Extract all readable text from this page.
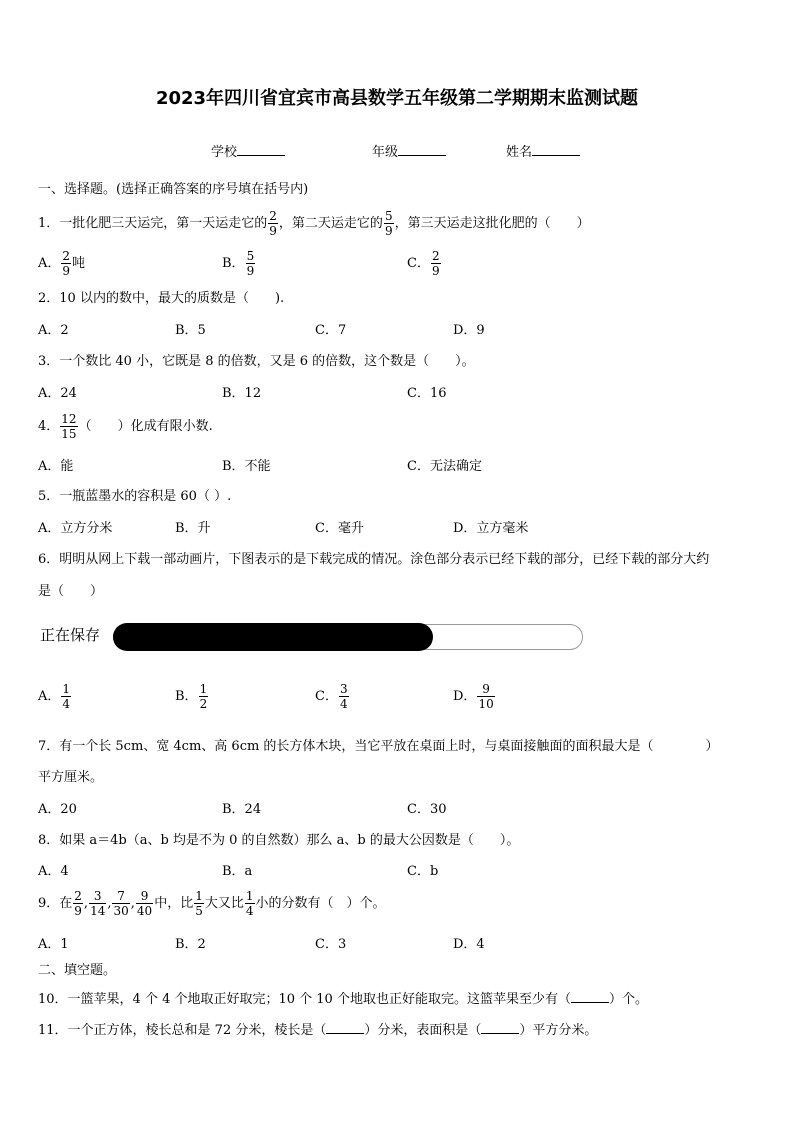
2023年四川省宜宾市高县数学五年级第二学期期末监测试题
学校	年级	姓名
一、选择题。(选择正确答案的序号填在括号内)
1．一批化肥三天运完，第一天运走它的 $\frac{2}{9}$ ，第二天运走它的 $\frac{5}{9}$ ，第三天运走这批化肥的（　　）
A． $\frac{2}{9}$ 吨	B． $\frac{5}{9}$	C． $\frac{2}{9}$
2．10 以内的数中，最大的质数是（　　).
A．2	B．5	C．7	D．9
3．一个数比 40 小，它既是 8 的倍数，又是 6 的倍数，这个数是（　　）。
A．24	B．12	C．16
4． $\frac{12}{15}$ （　　）化成有限小数.
A．能	B．不能	C．无法确定
5．一瓶蓝墨水的容积是 60（ ）.
A．立方分米	B．升	C．毫升	D．立方毫米
6．明明从网上下载一部动画片，下图表示的是下载完成的情况。涂色部分表示已经下载的部分，已经下载的部分大约
是（　　）
正在保存
A． $\frac{1}{4}$	B． $\frac{1}{2}$	C． $\frac{3}{4}$	D． $\frac{9}{10}$
7．有一个长 5cm、宽 4cm、高 6cm 的长方体木块，当它平放在桌面上时，与桌面接触面的面积最大是（　　　　）
平方厘米。
A．20	B．24	C．30
8．如果 a＝4b（a、b 均是不为 0 的自然数）那么 a、b 的最大公因数是（　　）。
A．4	B．a	C．b
9．在 $\frac{2}{9}$ , $\frac{3}{14}$ , $\frac{7}{30}$ , $\frac{9}{40}$ 中，比 $\frac{1}{5}$ 大又比 $\frac{1}{4}$ 小的分数有（　）个。
A．1	B．2	C．3	D．4
二、填空题。
10．一篮苹果，4 个 4 个地取正好取完；10 个 10 个地取也正好能取完。这篮苹果至少有（	）个。
11．一个正方体，棱长总和是 72 分米，棱长是（	）分米，表面积是（	）平方分米。
